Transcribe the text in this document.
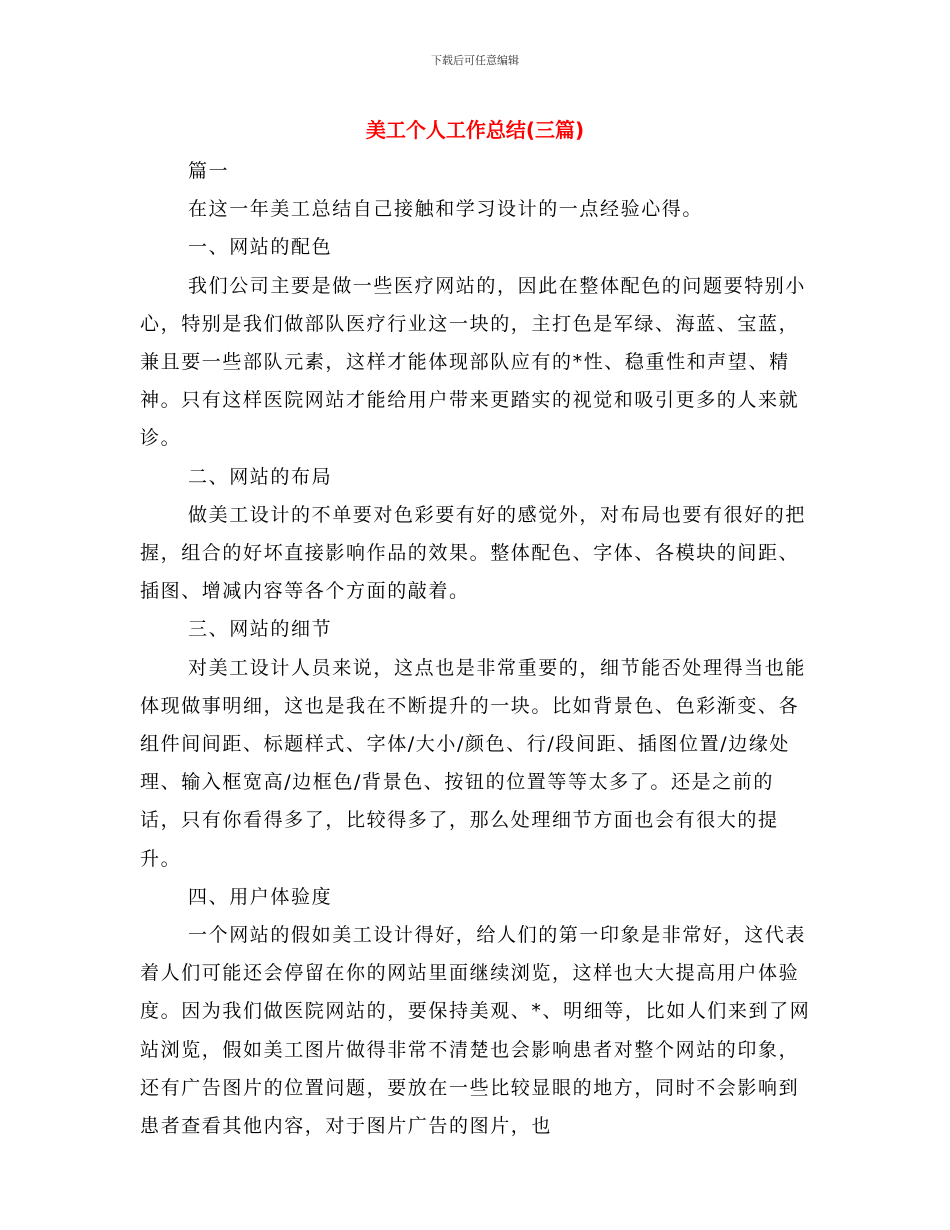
下载后可任意编辑
美工个人工作总结(三篇)

篇一

在这一年美工总结自己接触和学习设计的一点经验心得。

一、网站的配色

我们公司主要是做一些医疗网站的，因此在整体配色的问题要特别小心，特别是我们做部队医疗行业这一块的，主打色是军绿、海蓝、宝蓝，兼且要一些部队元素，这样才能体现部队应有的*性、稳重性和声望、精神。只有这样医院网站才能给用户带来更踏实的视觉和吸引更多的人来就诊。

二、网站的布局

做美工设计的不单要对色彩要有好的感觉外，对布局也要有很好的把握，组合的好坏直接影响作品的效果。整体配色、字体、各模块的间距、插图、增减内容等各个方面的敲着。

三、网站的细节

对美工设计人员来说，这点也是非常重要的，细节能否处理得当也能体现做事明细，这也是我在不断提升的一块。比如背景色、色彩渐变、各组件间间距、标题样式、字体/大小/颜色、行/段间距、插图位置/边缘处理、输入框宽高/边框色/背景色、按钮的位置等等太多了。还是之前的话，只有你看得多了，比较得多了，那么处理细节方面也会有很大的提升。

四、用户体验度

一个网站的假如美工设计得好，给人们的第一印象是非常好，这代表着人们可能还会停留在你的网站里面继续浏览，这样也大大提高用户体验度。因为我们做医院网站的，要保持美观、*、明细等，比如人们来到了网站浏览，假如美工图片做得非常不清楚也会影响患者对整个网站的印象，还有广告图片的位置问题，要放在一些比较显眼的地方，同时不会影响到患者查看其他内容，对于图片广告的图片，也
